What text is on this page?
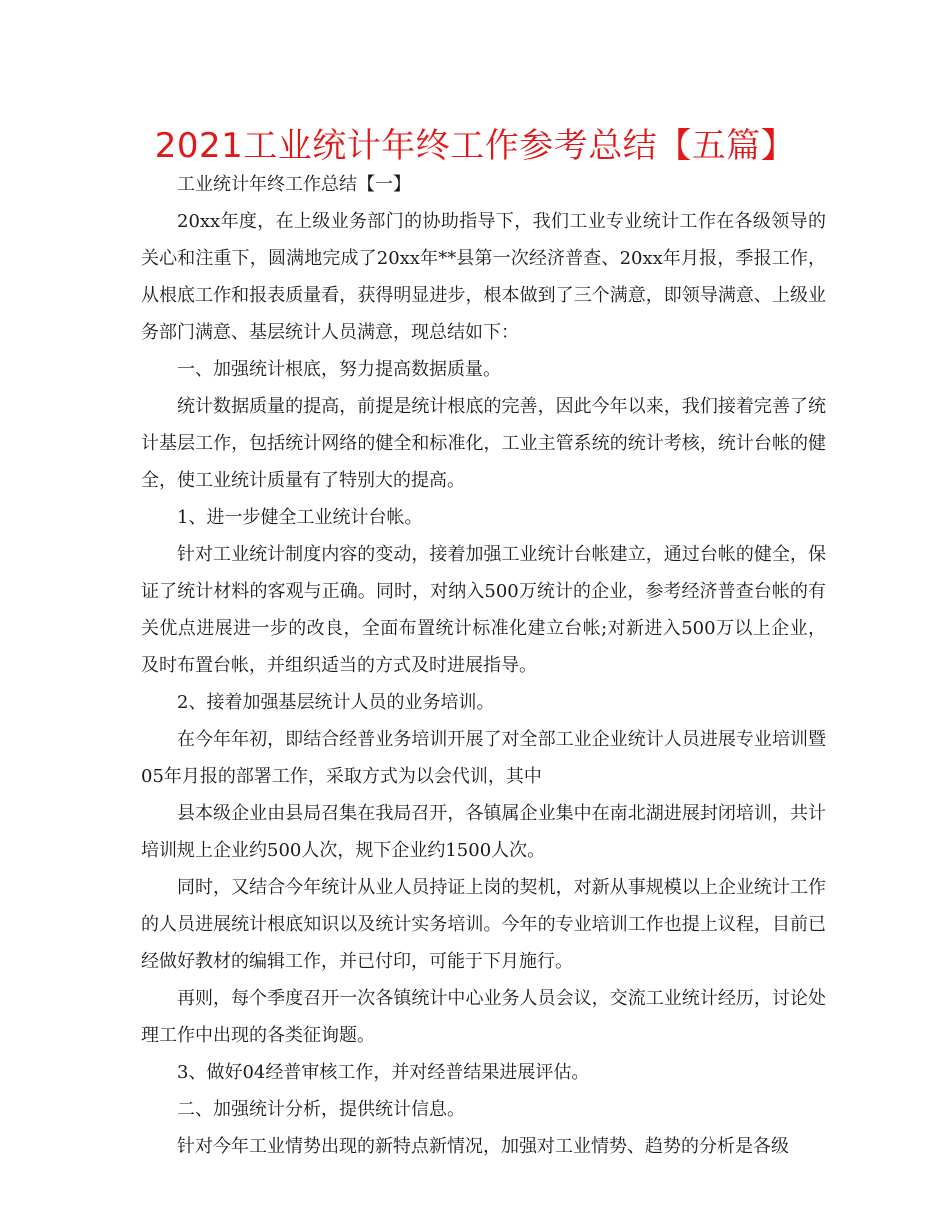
2021工业统计年终工作参考总结【五篇】

工业统计年终工作总结【一】

20xx年度，在上级业务部门的协助指导下，我们工业专业统计工作在各级领导的关心和注重下，圆满地完成了20xx年**县第一次经济普查、20xx年月报，季报工作，从根底工作和报表质量看，获得明显进步，根本做到了三个满意，即领导满意、上级业务部门满意、基层统计人员满意，现总结如下：

一、加强统计根底，努力提高数据质量。

统计数据质量的提高，前提是统计根底的完善，因此今年以来，我们接着完善了统计基层工作，包括统计网络的健全和标准化，工业主管系统的统计考核，统计台帐的健全，使工业统计质量有了特别大的提高。

1、进一步健全工业统计台帐。

针对工业统计制度内容的变动，接着加强工业统计台帐建立，通过台帐的健全，保证了统计材料的客观与正确。同时，对纳入500万统计的企业，参考经济普查台帐的有关优点进展进一步的改良，全面布置统计标准化建立台帐;对新进入500万以上企业，及时布置台帐，并组织适当的方式及时进展指导。

2、接着加强基层统计人员的业务培训。

在今年年初，即结合经普业务培训开展了对全部工业企业统计人员进展专业培训暨05年月报的部署工作，采取方式为以会代训，其中

县本级企业由县局召集在我局召开，各镇属企业集中在南北湖进展封闭培训，共计培训规上企业约500人次，规下企业约1500人次。

同时，又结合今年统计从业人员持证上岗的契机，对新从事规模以上企业统计工作的人员进展统计根底知识以及统计实务培训。今年的专业培训工作也提上议程，目前已经做好教材的编辑工作，并已付印，可能于下月施行。

再则，每个季度召开一次各镇统计中心业务人员会议，交流工业统计经历，讨论处理工作中出现的各类征询题。

3、做好04经普审核工作，并对经普结果进展评估。

二、加强统计分析，提供统计信息。

针对今年工业情势出现的新特点新情况，加强对工业情势、趋势的分析是各级
